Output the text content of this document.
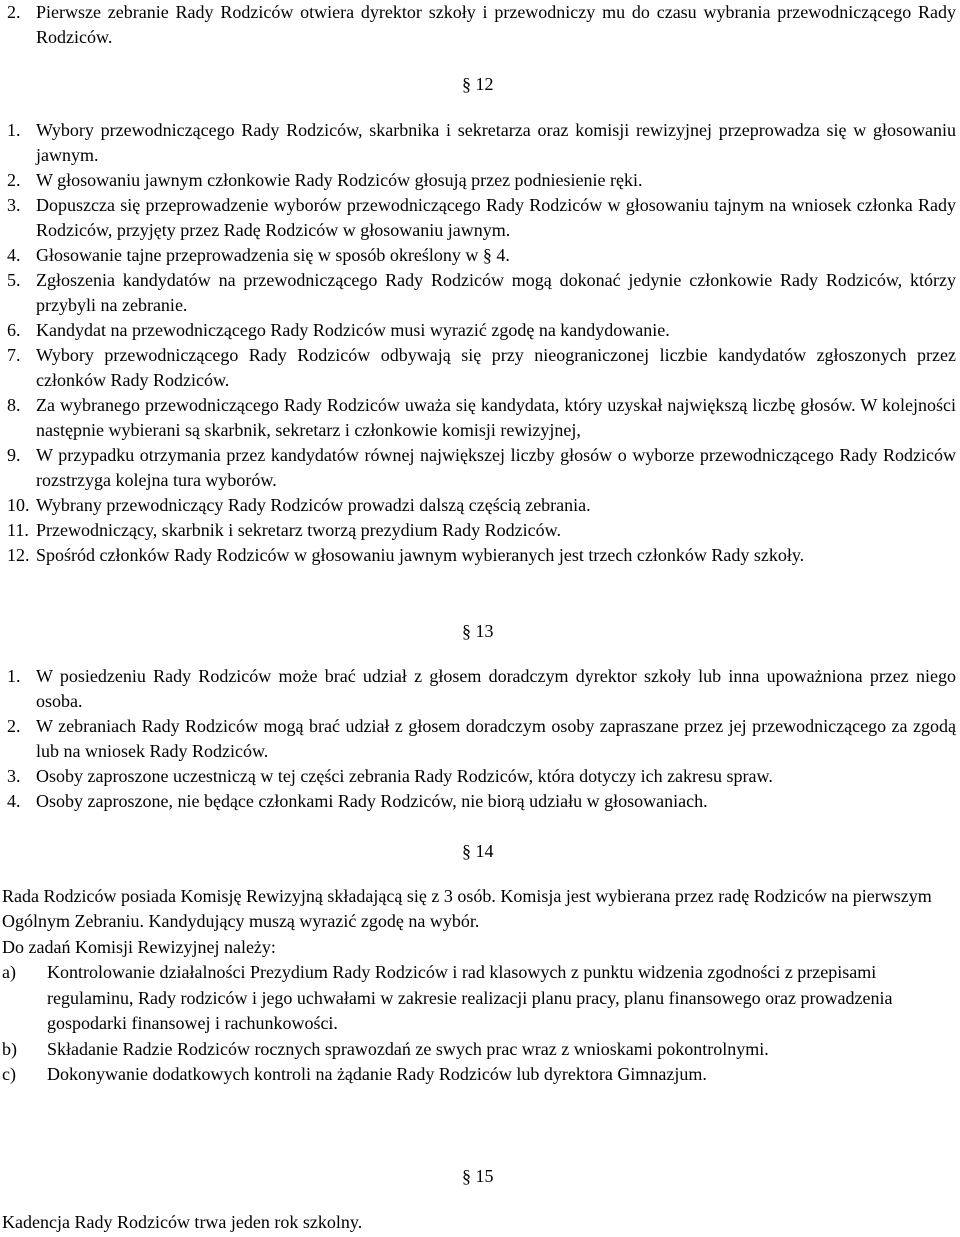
2. Pierwsze zebranie Rady Rodziców otwiera dyrektor szkoły i przewodniczy mu do czasu wybrania przewodniczącego Rady Rodziców.
§ 12
1. Wybory przewodniczącego Rady Rodziców, skarbnika i sekretarza oraz komisji rewizyjnej przeprowadza się w głosowaniu jawnym.
2. W głosowaniu jawnym członkowie Rady Rodziców głosują przez podniesienie ręki.
3. Dopuszcza się przeprowadzenie wyborów przewodniczącego Rady Rodziców w głosowaniu tajnym na wniosek członka Rady Rodziców, przyjęty przez Radę Rodziców w głosowaniu jawnym.
4. Głosowanie tajne przeprowadzenia się w sposób określony w § 4.
5. Zgłoszenia kandydatów na przewodniczącego Rady Rodziców mogą dokonać jedynie członkowie Rady Rodziców, którzy przybyli na zebranie.
6. Kandydat na przewodniczącego Rady Rodziców musi wyrazić zgodę na kandydowanie.
7. Wybory przewodniczącego Rady Rodziców odbywają się przy nieograniczonej liczbie kandydatów zgłoszonych przez członków Rady Rodziców.
8. Za wybranego przewodniczącego Rady Rodziców uważa się kandydata, który uzyskał największą liczbę głosów. W kolejności następnie wybierani są skarbnik, sekretarz i członkowie komisji rewizyjnej,
9. W przypadku otrzymania przez kandydatów równej największej liczby głosów o wyborze przewodniczącego Rady Rodziców rozstrzyga kolejna tura wyborów.
10. Wybrany przewodniczący Rady Rodziców prowadzi dalszą częścią zebrania.
11. Przewodniczący, skarbnik i sekretarz tworzą prezydium Rady Rodziców.
12. Spośród członków Rady Rodziców w głosowaniu jawnym wybieranych jest trzech członków Rady szkoły.
§ 13
1. W posiedzeniu Rady Rodziców może brać udział z głosem doradczym dyrektor szkoły lub inna upoważniona przez niego osoba.
2. W zebraniach Rady Rodziców mogą brać udział z głosem doradczym osoby zapraszane przez jej przewodniczącego za zgodą lub na wniosek Rady Rodziców.
3. Osoby zaproszone uczestniczą w tej części zebrania Rady Rodziców, która dotyczy ich zakresu spraw.
4. Osoby zaproszone, nie będące członkami Rady Rodziców, nie biorą udziału w głosowaniach.
§ 14
Rada Rodziców posiada Komisję Rewizyjną składającą się z 3 osób. Komisja jest wybierana przez radę Rodziców na pierwszym Ogólnym Zebraniu. Kandydujący muszą wyrazić zgodę na wybór.
Do zadań Komisji Rewizyjnej należy:
a) Kontrolowanie działalności Prezydium Rady Rodziców i rad klasowych z punktu widzenia zgodności z przepisami regulaminu, Rady rodziców i jego uchwałami w zakresie realizacji planu pracy, planu finansowego oraz prowadzenia gospodarki finansowej i rachunkowości.
b) Składanie Radzie Rodziców rocznych sprawozdań ze swych prac wraz z wnioskami pokontrolnymi.
c) Dokonywanie dodatkowych kontroli na żądanie Rady Rodziców lub dyrektora Gimnazjum.
§ 15
Kadencja Rady Rodziców trwa jeden rok szkolny.
